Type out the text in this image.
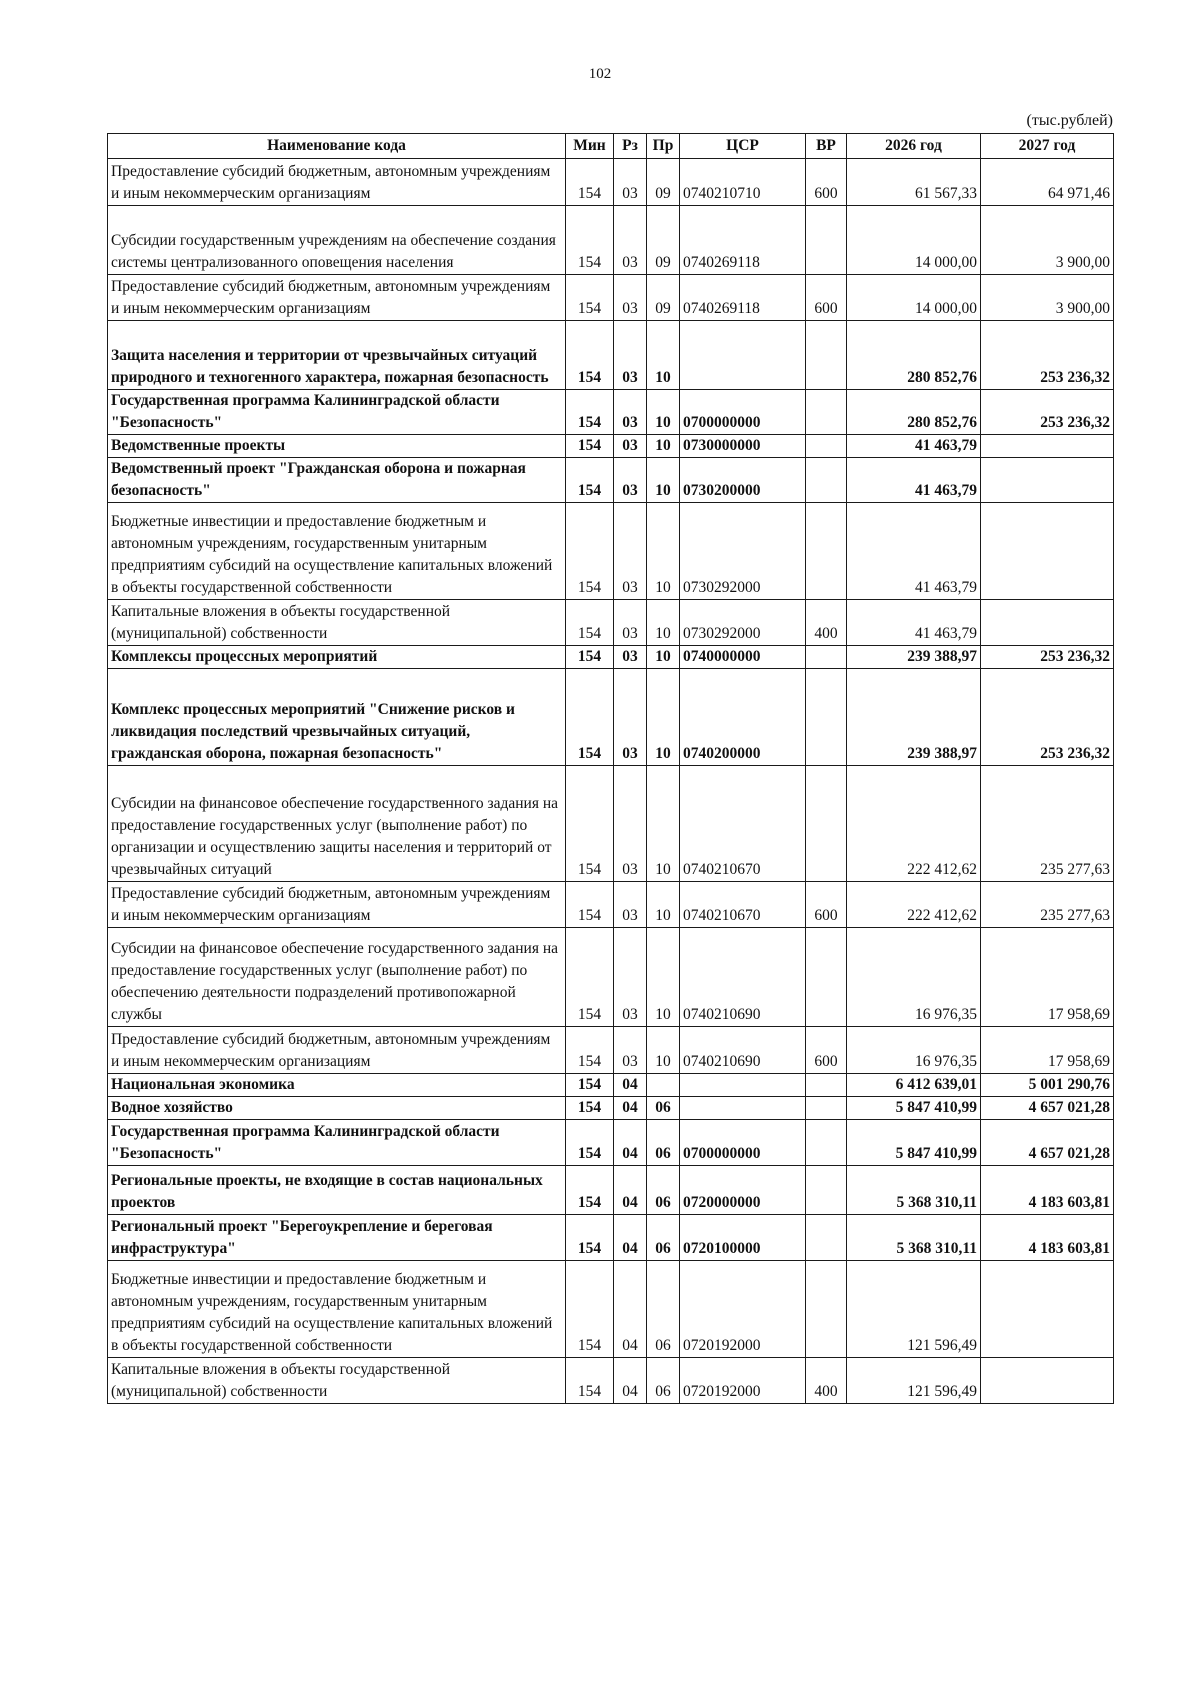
102
(тыс.рублей)
Наименование кода	Мин	Рз	Пр	ЦСР	ВР	2026 год	2027 год
Предоставление субсидий бюджетным, автономным учреждениям и иным некоммерческим организациям	154	03	09	0740210710	600	61 567,33	64 971,46
Субсидии государственным учреждениям на обеспечение создания системы централизованного оповещения населения	154	03	09	0740269118		14 000,00	3 900,00
Предоставление субсидий бюджетным, автономным учреждениям и иным некоммерческим организациям	154	03	09	0740269118	600	14 000,00	3 900,00
Защита населения и территории от чрезвычайных ситуаций природного и техногенного характера, пожарная безопасность	154	03	10			280 852,76	253 236,32
Государственная программа Калининградской области "Безопасность"	154	03	10	0700000000		280 852,76	253 236,32
Ведомственные проекты	154	03	10	0730000000		41 463,79	
Ведомственный проект "Гражданская оборона и пожарная безопасность"	154	03	10	0730200000		41 463,79	
Бюджетные инвестиции и предоставление бюджетным и автономным учреждениям, государственным унитарным предприятиям субсидий на осуществление капитальных вложений в объекты государственной собственности	154	03	10	0730292000		41 463,79	
Капитальные вложения в объекты государственной (муниципальной) собственности	154	03	10	0730292000	400	41 463,79	
Комплексы процессных мероприятий	154	03	10	0740000000		239 388,97	253 236,32
Комплекс процессных мероприятий "Снижение рисков и ликвидация последствий чрезвычайных ситуаций, гражданская оборона, пожарная безопасность"	154	03	10	0740200000		239 388,97	253 236,32
Субсидии на финансовое обеспечение государственного задания на предоставление государственных услуг (выполнение работ) по организации и осуществлению защиты населения и территорий от чрезвычайных ситуаций	154	03	10	0740210670		222 412,62	235 277,63
Предоставление субсидий бюджетным, автономным учреждениям и иным некоммерческим организациям	154	03	10	0740210670	600	222 412,62	235 277,63
Субсидии на финансовое обеспечение государственного задания на предоставление государственных услуг (выполнение работ) по обеспечению деятельности подразделений противопожарной службы	154	03	10	0740210690		16 976,35	17 958,69
Предоставление субсидий бюджетным, автономным учреждениям и иным некоммерческим организациям	154	03	10	0740210690	600	16 976,35	17 958,69
Национальная экономика	154	04				6 412 639,01	5 001 290,76
Водное хозяйство	154	04	06			5 847 410,99	4 657 021,28
Государственная программа Калининградской области "Безопасность"	154	04	06	0700000000		5 847 410,99	4 657 021,28
Региональные проекты, не входящие в состав национальных проектов	154	04	06	0720000000		5 368 310,11	4 183 603,81
Региональный проект "Берегоукрепление и береговая инфраструктура"	154	04	06	0720100000		5 368 310,11	4 183 603,81
Бюджетные инвестиции и предоставление бюджетным и автономным учреждениям, государственным унитарным предприятиям субсидий на осуществление капитальных вложений в объекты государственной собственности	154	04	06	0720192000		121 596,49	
Капитальные вложения в объекты государственной (муниципальной) собственности	154	04	06	0720192000	400	121 596,49	
